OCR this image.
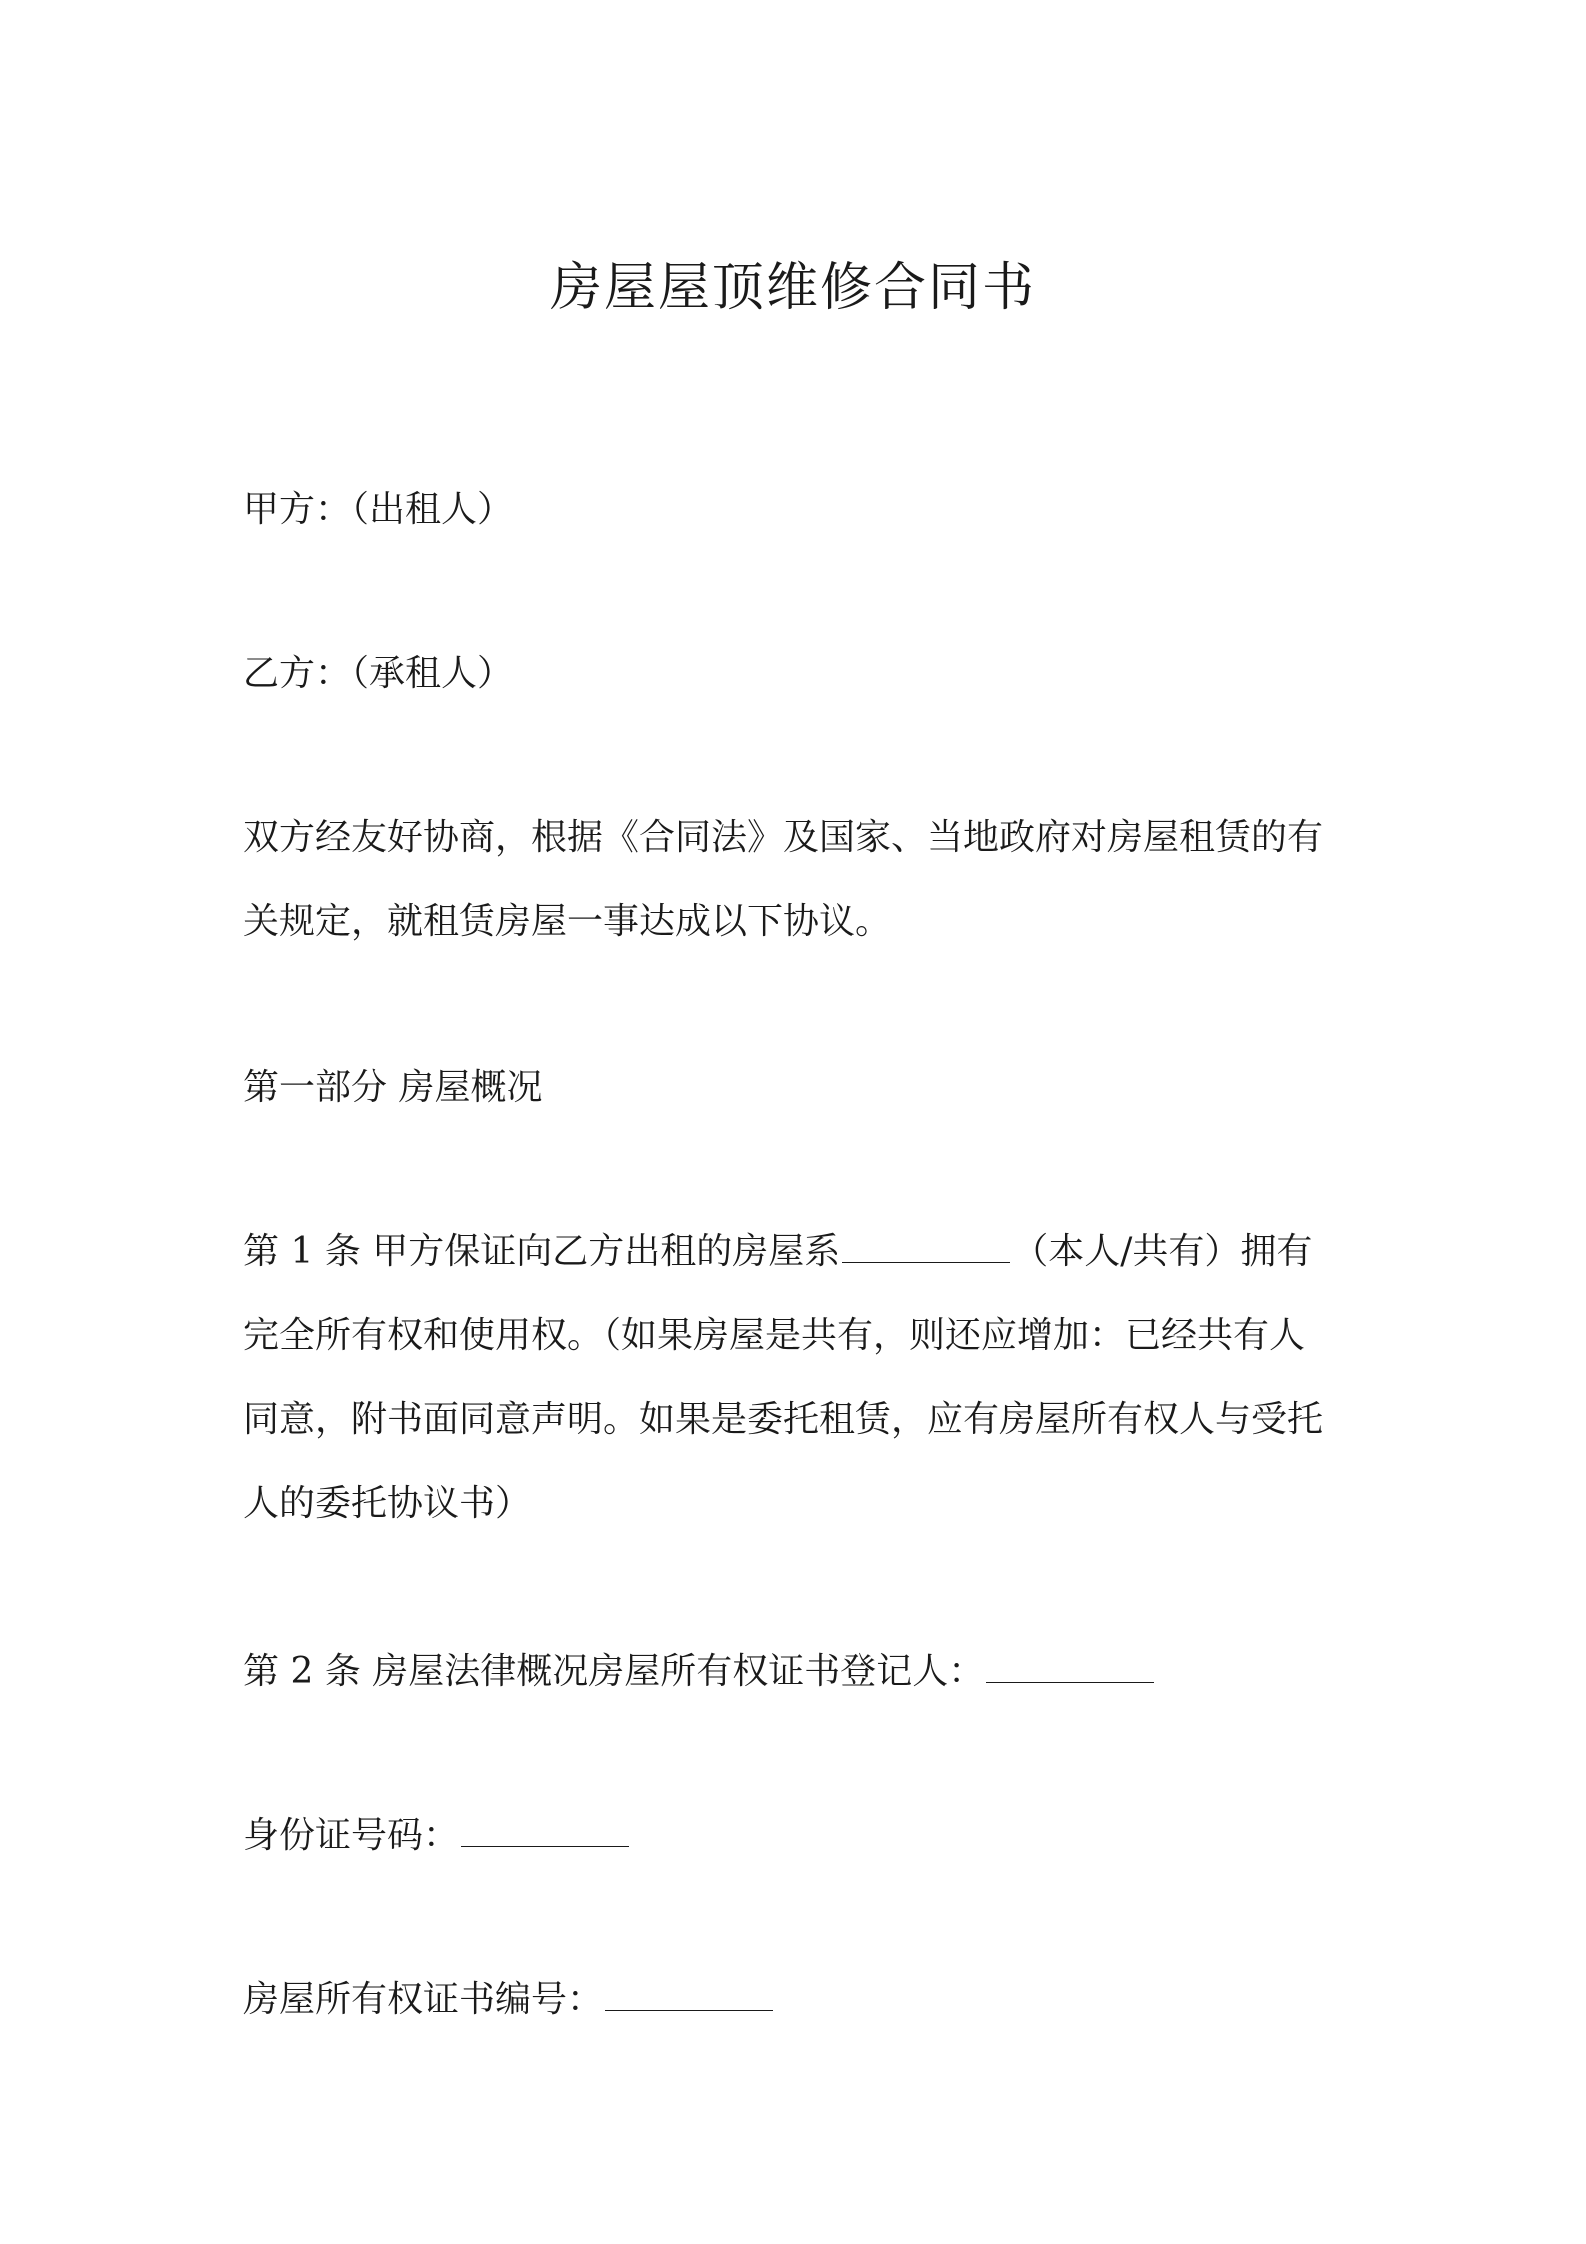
房屋屋顶维修合同书

甲方：（出租人）

乙方：（承租人）

双方经友好协商，根据《合同法》及国家、当地政府对房屋租赁的有
关规定，就租赁房屋一事达成以下协议。

第一部分 房屋概况

第 1 条 甲方保证向乙方出租的房屋系	（本人/共有）拥有
完全所有权和使用权。（如果房屋是共有，则还应增加：已经共有人
同意，附书面同意声明。如果是委托租赁，应有房屋所有权人与受托
人的委托协议书）

第 2 条 房屋法律概况房屋所有权证书登记人：

身份证号码：

房屋所有权证书编号：
